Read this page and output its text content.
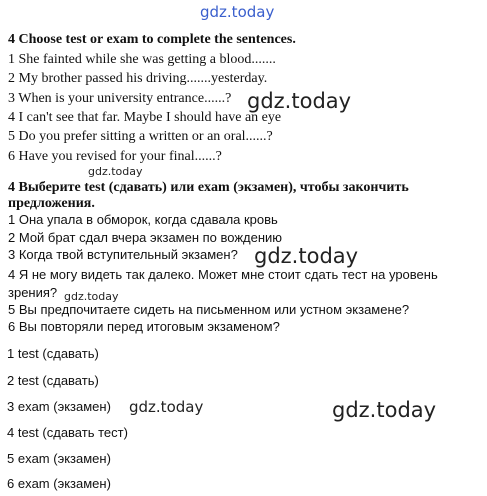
gdz.today
gdz.today
gdz.today
gdz.today
gdz.today
gdz.today	gdz.today
4 Choose test or exam to complete the sentences.
1 She fainted while she was getting a blood.......
2 My brother passed his driving.......yesterday.
3 When is your university entrance......?
4 I can't see that far. Maybe I should have an eye
5 Do you prefer sitting a written or an oral......?
6 Have you revised for your final......?
4 Выберите test (сдавать) или exam (экзамен), чтобы закончить
предложения.
1 Она упала в обморок, когда сдавала кровь
2 Мой брат сдал вчера экзамен по вождению
3 Когда твой вступительный экзамен?
4 Я не могу видеть так далеко. Может мне стоит сдать тест на уровень
зрения?
5 Вы предпочитаете сидеть на письменном или устном экзамене?
6 Вы повторяли перед итоговым экзаменом?
1 test (сдавать)
2 test (сдавать)
3 exam (экзамен)
4 test (сдавать тест)
5 exam (экзамен)
6 exam (экзамен)
